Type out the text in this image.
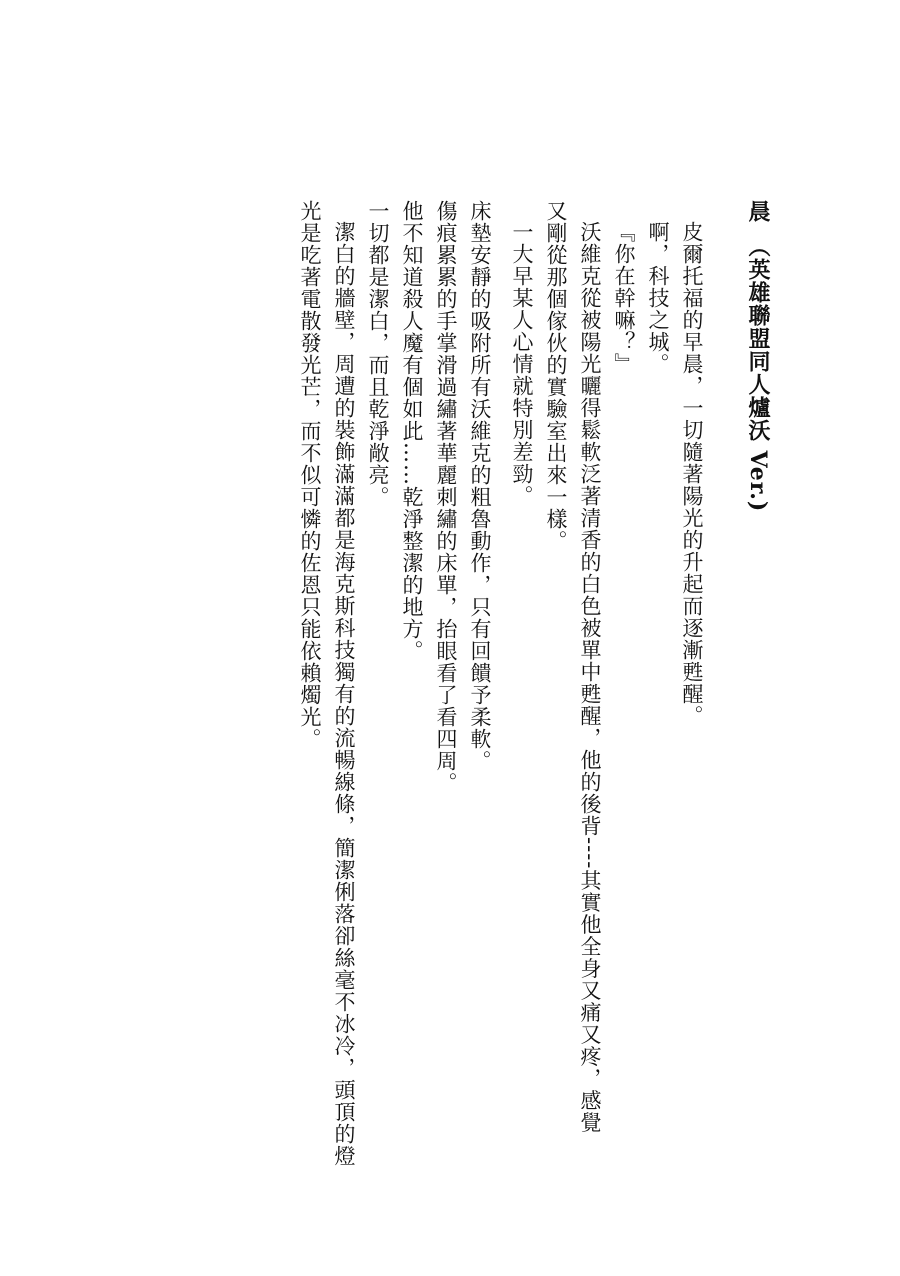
晨　（英雄聯盟同人爐沃 Ver.)

皮爾托福的早晨，一切隨著陽光的升起而逐漸甦醒。

啊，科技之城。

『你在幹嘛？』

沃維克從被陽光曬得鬆軟泛著清香的白色被單中甦醒，他的後背----其實他全身又痛又疼，感覺

又剛從那個傢伙的實驗室出來一樣。

一大早某人心情就特別差勁。

床墊安靜的吸附所有沃維克的粗魯動作，只有回饋予柔軟。

傷痕累累的手掌滑過繡著華麗刺繡的床單，抬眼看了看四周。

他不知道殺人魔有個如此……乾淨整潔的地方。

一切都是潔白，而且乾淨敞亮。

潔白的牆壁，周遭的裝飾滿滿都是海克斯科技獨有的流暢線條，簡潔俐落卻絲毫不冰冷，頭頂的燈

光是吃著電散發光芒，而不似可憐的佐恩只能依賴燭光。
